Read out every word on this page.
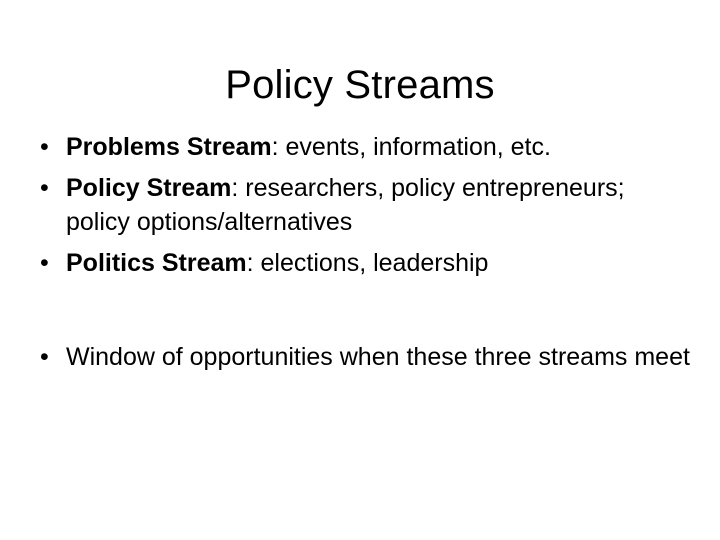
Policy Streams
• Problems Stream: events, information, etc.
• Policy Stream: researchers, policy entrepreneurs; policy options/alternatives
• Politics Stream: elections, leadership
• Window of opportunities when these three streams meet
